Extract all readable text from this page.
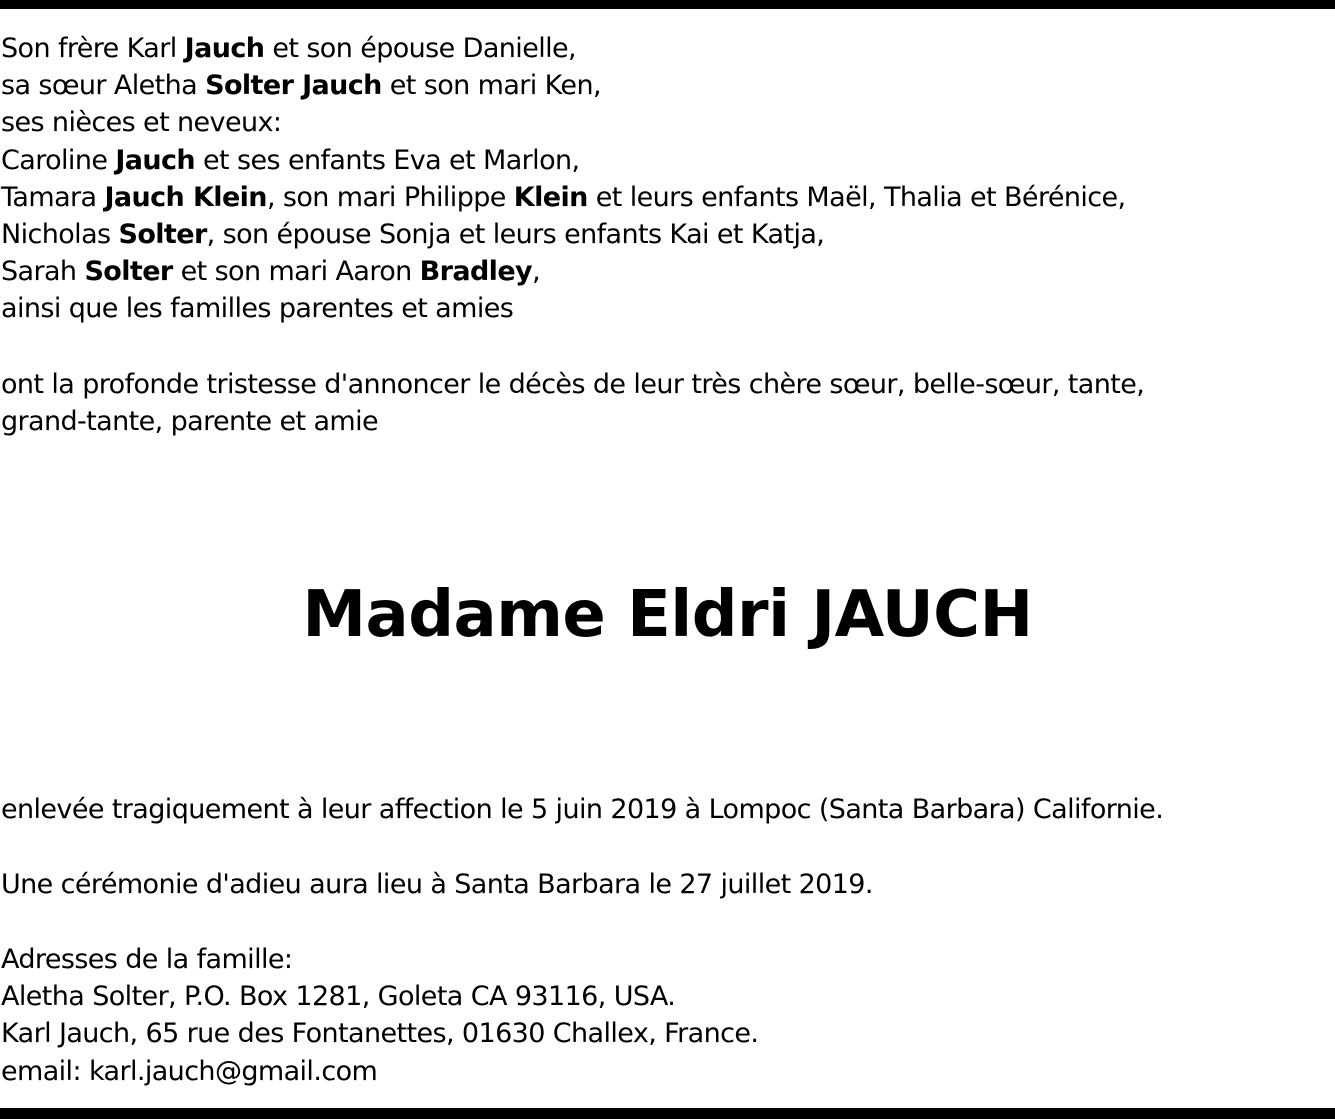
Son frère Karl Jauch et son épouse Danielle,
sa sœur Aletha Solter Jauch et son mari Ken,
ses nièces et neveux:
Caroline Jauch et ses enfants Eva et Marlon,
Tamara Jauch Klein, son mari Philippe Klein et leurs enfants Maël, Thalia et Bérénice,
Nicholas Solter, son épouse Sonja et leurs enfants Kai et Katja,
Sarah Solter et son mari Aaron Bradley,
ainsi que les familles parentes et amies
ont la profonde tristesse d'annoncer le décès de leur très chère sœur, belle-sœur, tante,
grand-tante, parente et amie
Madame Eldri JAUCH
enlevée tragiquement à leur affection le 5 juin 2019 à Lompoc (Santa Barbara) Californie.
Une cérémonie d'adieu aura lieu à Santa Barbara le 27 juillet 2019.
Adresses de la famille:
Aletha Solter, P.O. Box 1281, Goleta CA 93116, USA.
Karl Jauch, 65 rue des Fontanettes, 01630 Challex, France.
email: karl.jauch@gmail.com
